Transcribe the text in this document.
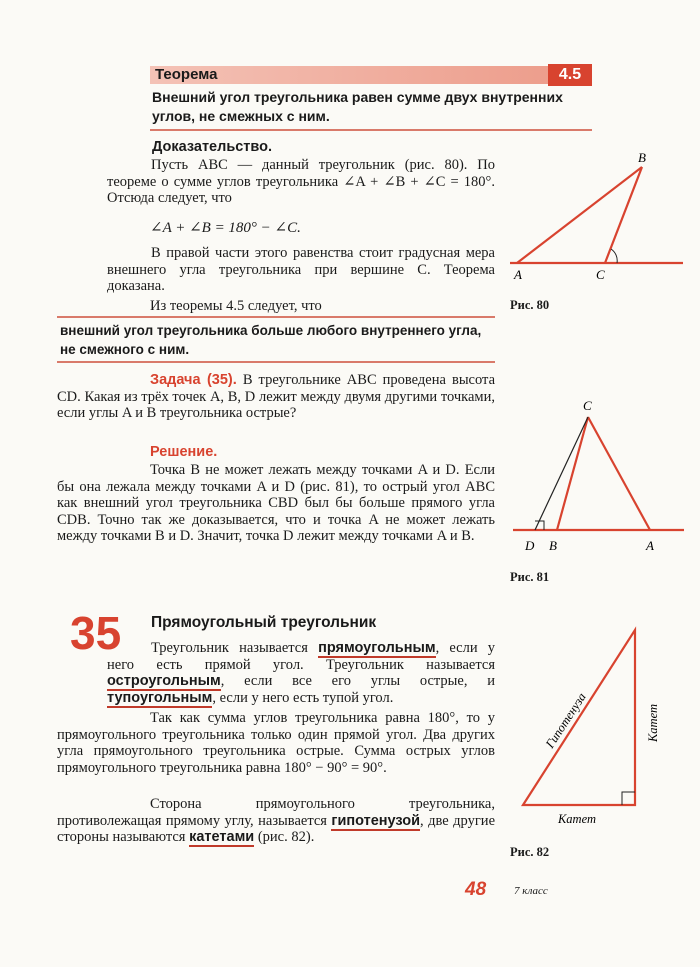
Теорема	4.5
Внешний угол треугольника равен сумме двух внутренних углов, не смежных с ним.
Доказательство.

Пусть ABC — данный треугольник (рис. 80). По теореме о сумме углов треугольника ∠A + ∠B + ∠C = 180°. Отсюда следует, что

∠A + ∠B = 180° − ∠C.

В правой части этого равенства стоит градусная мера внешнего угла треугольника при вершине C. Теорема доказана.

Из теоремы 4.5 следует, что
внешний угол треугольника больше любого внутреннего угла, не смежного с ним.
B
A	C
Рис. 80

Задача (35). В треугольнике ABC проведена высота CD. Какая из трёх точек A, B, D лежит между двумя другими точками, если углы A и B треугольника острые?

Решение.

Точка B не может лежать между точками A и D. Если бы она лежала между точками A и D (рис. 81), то острый угол ABC как внешний угол треугольника CBD был бы больше прямого угла CDB. Точно так же доказывается, что и точка A не может лежать между точками B и D. Значит, точка D лежит между точками A и B.

C
D B	A
Рис. 81
35 Прямоугольный треугольник

Треугольник называется прямоугольным, если у него есть прямой угол. Треугольник называется остроугольным, если все его углы острые, и тупоугольным, если у него есть тупой угол.

Так как сумма углов треугольника равна 180°, то у прямоугольного треугольника только один прямой угол. Два других угла прямоугольного треугольника острые. Сумма острых углов прямоугольного треугольника равна 180° − 90° = 90°.

Сторона прямоугольного треугольника, противолежащая прямому углу, называется гипотенузой, две другие стороны называются катетами (рис. 82).

Гипотенуза	Катет
Катет
Рис. 82
48	7 класс
